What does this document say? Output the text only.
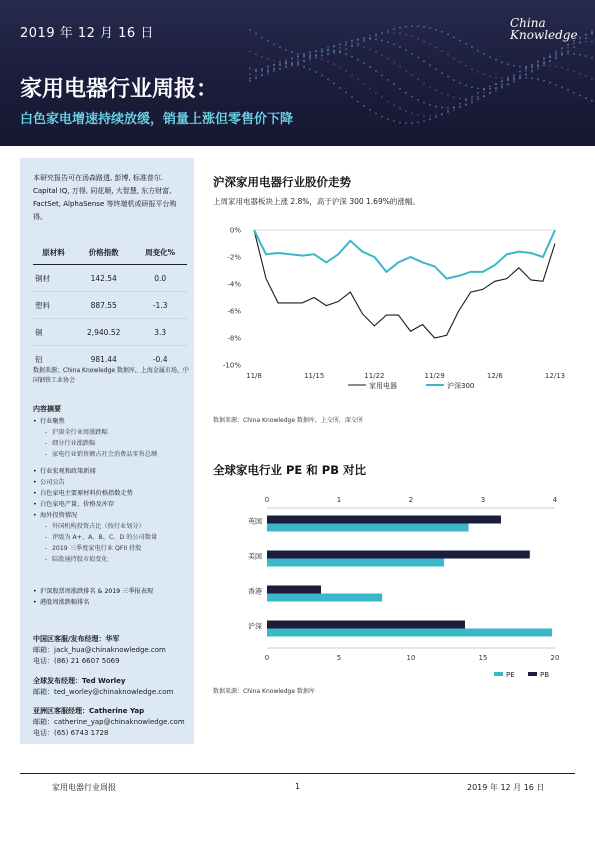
2019 年 12 月 16 日
China
Knowledge
家用电器行业周报：
白色家电增速持续放缓，销量上涨但零售价下降
本研究报告可在汤森路透, 彭博, 标准普尔. Capital IQ, 万得, 同花顺, 大智慧, 东方财富, FactSet, AlphaSense 等终端机或研报平台购得。
原材料	价格指数	周变化%
铜材	142.54	0.0
塑料	887.55	-1.3
铜	2,940.52	3.3
铝	981.44	-0.4
数据来源：China Knowledge 数据库，上海金属市场，中国钢铁工业协会
内容摘要
• 行业聚焦
- 沪深全行业周涨跌幅
- 细分行业涨跌幅
- 家电行业销售额占社会消费品零售总额
• 行业宏观和政策新闻
• 公司公告
• 白色家电主要原材料价格指数走势
• 白色家电产量、价格及库存
• 海外投资情况
- 外国机构投资占比（按行业划分）
- 评级为 A+、A、B、C、D 的公司数量
- 2019 三季度家电行业 QFII 持股
- 陆股通持股市值变化
• 沪深股票周涨跌排名 & 2019 三季报表现
• 港股周涨跌幅排名
中国区客服/发布经理：华军
邮箱：jack_hua@chinaknowledge.com
电话：(86) 21 6607 5069
全球发布经理：Ted Worley
邮箱：ted_worley@chinaknowledge.com
亚洲区客服经理：Catherine Yap
邮箱：catherine_yap@chinaknowledge.com
电话：(65) 6743 1728
沪深家用电器行业股价走势
上周家用电器板块上涨 2.8%，高于沪深 300 1.69%的涨幅。
0%
-2%
-4%
-6%
-8%
-10%
11/8	11/15	11/22	11/29	12/6	12/13
家用电器	沪深300
数据来源：China Knowledge 数据库，上交所，深交所
全球家电行业 PE 和 PB 对比
0	1	2	3	4
0	5	10	15	20
英国
美国
香港
沪深
PE	PB
数据来源：China Knowledge 数据库
家用电器行业周报	1	2019 年 12 月 16 日
